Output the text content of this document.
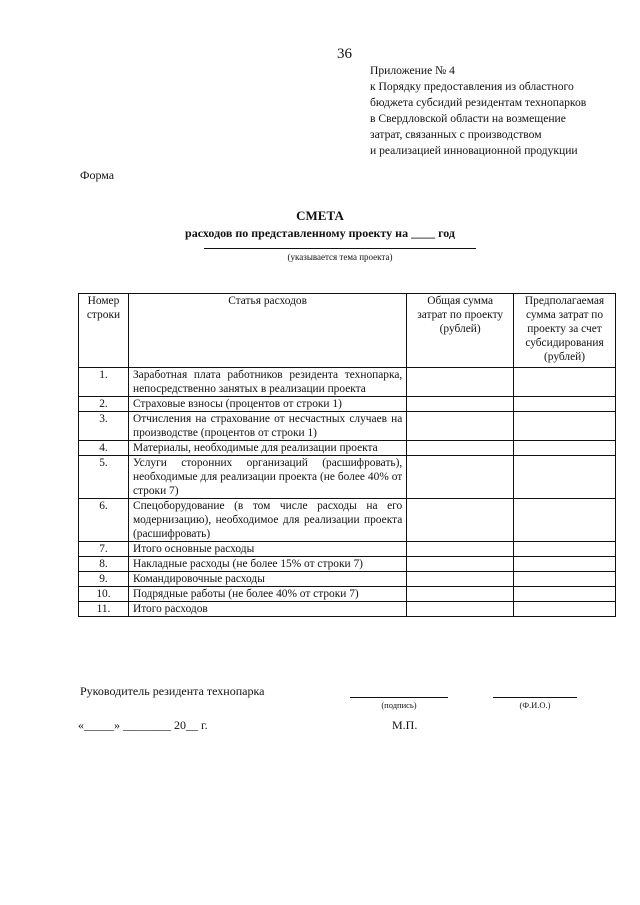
36
Приложение № 4
к Порядку предоставления из областного
бюджета субсидий резидентам технопарков
в Свердловской области на возмещение
затрат, связанных с производством
и реализацией инновационной продукции
Форма
СМЕТА
расходов по представленному проекту на ____ год
(указывается тема проекта)
Номер строки	Статья расходов	Общая сумма затрат по проекту (рублей)	Предполагаемая сумма затрат по проекту за счет субсидирования (рублей)
1.	Заработная плата работников резидента технопарка, непосредственно занятых в реализации проекта		
2.	Страховые взносы (процентов от строки 1)		
3.	Отчисления на страхование от несчастных случаев на производстве (процентов от строки 1)		
4.	Материалы, необходимые для реализации проекта		
5.	Услуги сторонних организаций (расшифровать), необходимые для реализации проекта (не более 40% от строки 7)		
6.	Спецоборудование (в том числе расходы на его модернизацию), необходимое для реализации проекта (расшифровать)		
7.	Итого основные расходы		
8.	Накладные расходы (не более 15% от строки 7)		
9.	Командировочные расходы		
10.	Подрядные работы (не более 40% от строки 7)		
11.	Итого расходов		
Руководитель резидента технопарка
(подпись)	(Ф.И.О.)
«_____» ________ 20__ г.	М.П.
